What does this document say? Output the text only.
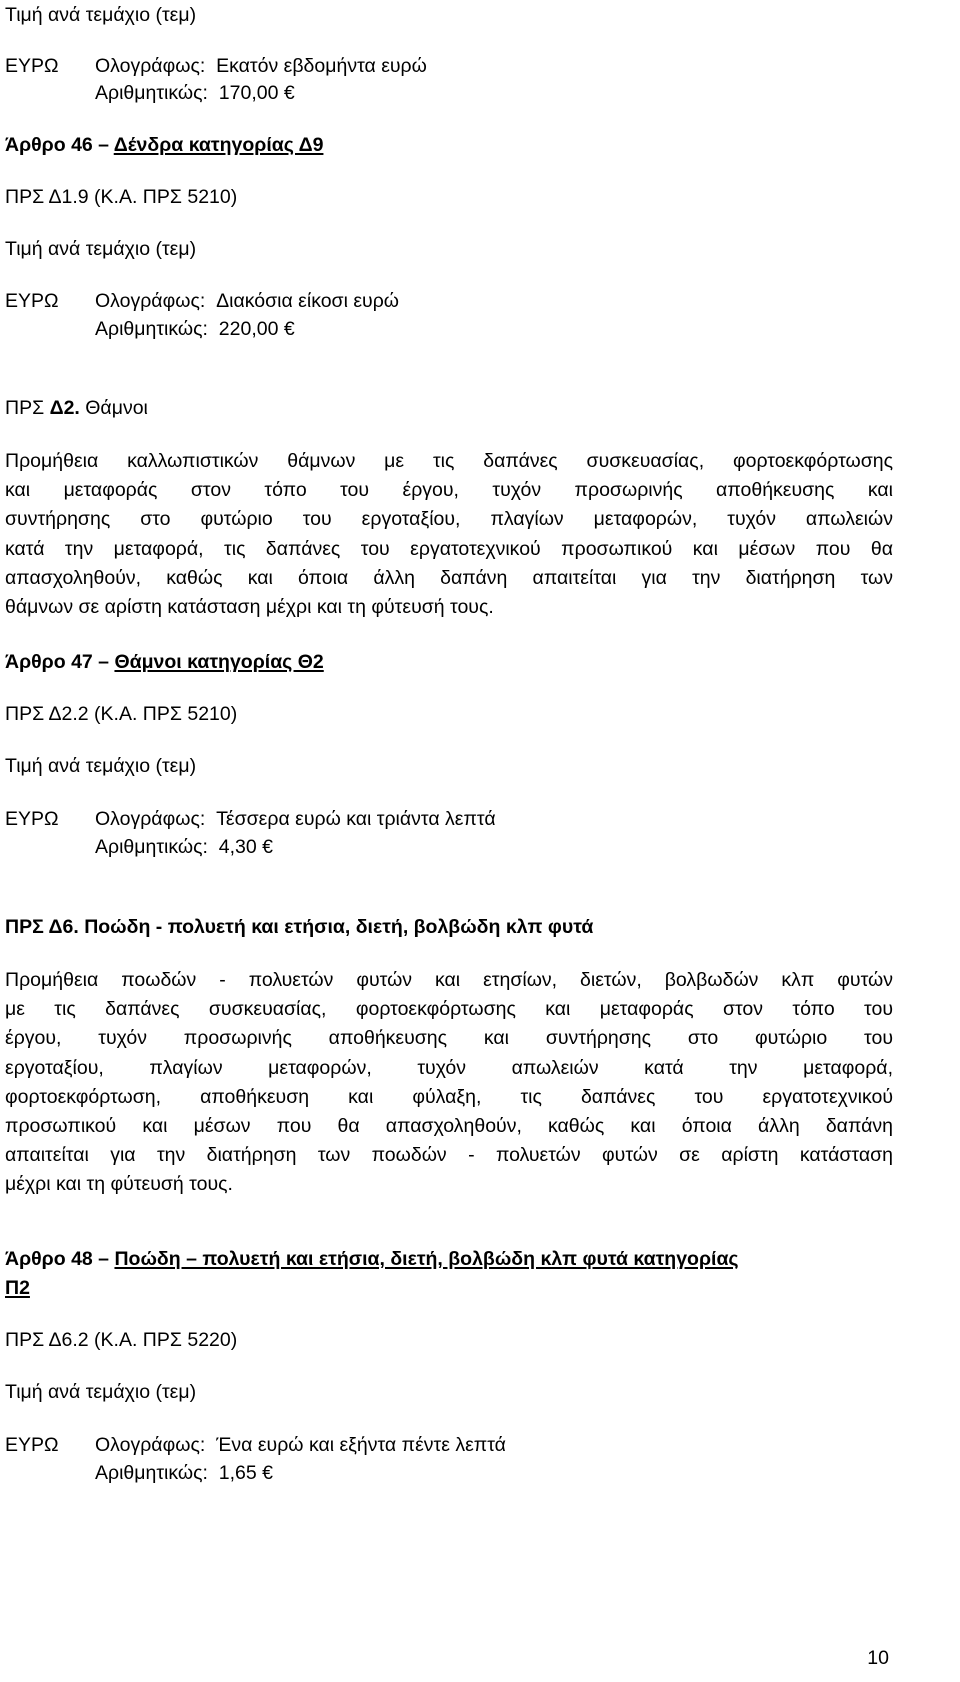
Τιμή ανά τεμάχιο (τεμ)
ΕΥΡΩ Ολογράφως: Εκατόν εβδομήντα ευρώ
Αριθμητικώς: 170,00 €
Άρθρο 46 – Δένδρα κατηγορίας Δ9
ΠΡΣ Δ1.9 (Κ.Α. ΠΡΣ 5210)
Τιμή ανά τεμάχιο (τεμ)
ΕΥΡΩ Ολογράφως: Διακόσια είκοσι ευρώ
Αριθμητικώς: 220,00 €
ΠΡΣ Δ2. Θάμνοι
Προμήθεια καλλωπιστικών θάμνων με τις δαπάνες συσκευασίας, φορτοεκφόρτωσης
και μεταφοράς στον τόπο του έργου, τυχόν προσωρινής αποθήκευσης και
συντήρησης στο φυτώριο του εργοταξίου, πλαγίων μεταφορών, τυχόν απωλειών
κατά την μεταφορά, τις δαπάνες του εργατοτεχνικού προσωπικού και μέσων που θα
απασχοληθούν, καθώς και όποια άλλη δαπάνη απαιτείται για την διατήρηση των
θάμνων σε αρίστη κατάσταση μέχρι και τη φύτευσή τους.
Άρθρο 47 – Θάμνοι κατηγορίας Θ2
ΠΡΣ Δ2.2 (Κ.Α. ΠΡΣ 5210)
Τιμή ανά τεμάχιο (τεμ)
ΕΥΡΩ Ολογράφως: Τέσσερα ευρώ και τριάντα λεπτά
Αριθμητικώς: 4,30 €
ΠΡΣ Δ6. Ποώδη - πολυετή και ετήσια, διετή, βολβώδη κλπ φυτά
Προμήθεια ποωδών - πολυετών φυτών και ετησίων, διετών, βολβωδών κλπ φυτών
με τις δαπάνες συσκευασίας, φορτοεκφόρτωσης και μεταφοράς στον τόπο του
έργου, τυχόν προσωρινής αποθήκευσης και συντήρησης στο φυτώριο του
εργοταξίου, πλαγίων μεταφορών, τυχόν απωλειών κατά την μεταφορά,
φορτοεκφόρτωση, αποθήκευση και φύλαξη, τις δαπάνες του εργατοτεχνικού
προσωπικού και μέσων που θα απασχοληθούν, καθώς και όποια άλλη δαπάνη
απαιτείται για την διατήρηση των ποωδών - πολυετών φυτών σε αρίστη κατάσταση
μέχρι και τη φύτευσή τους.
Άρθρο 48 – Ποώδη – πολυετή και ετήσια, διετή, βολβώδη κλπ φυτά κατηγορίας
Π2
ΠΡΣ Δ6.2 (Κ.Α. ΠΡΣ 5220)
Τιμή ανά τεμάχιο (τεμ)
ΕΥΡΩ Ολογράφως: Ένα ευρώ και εξήντα πέντε λεπτά
Αριθμητικώς: 1,65 €
10
